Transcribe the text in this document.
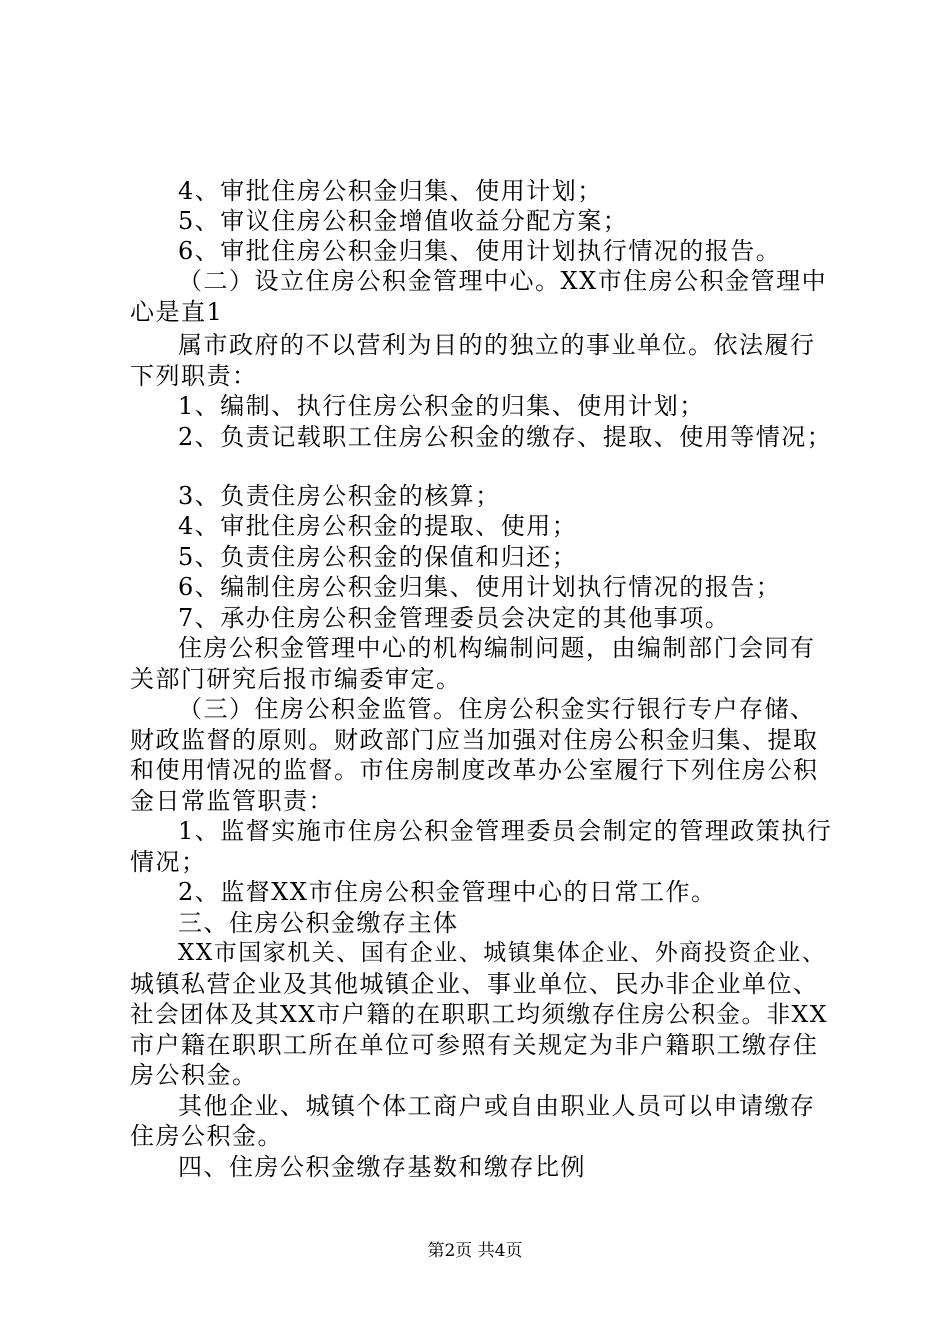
4、审批住房公积金归集、使用计划；
5、审议住房公积金增值收益分配方案；
6、审批住房公积金归集、使用计划执行情况的报告。
（二）设立住房公积金管理中心。XX市住房公积金管理中
心是直1
属市政府的不以营利为目的的独立的事业单位。依法履行
下列职责：
1、编制、执行住房公积金的归集、使用计划；
2、负责记载职工住房公积金的缴存、提取、使用等情况；
3、负责住房公积金的核算；
4、审批住房公积金的提取、使用；
5、负责住房公积金的保值和归还；
6、编制住房公积金归集、使用计划执行情况的报告；
7、承办住房公积金管理委员会决定的其他事项。
住房公积金管理中心的机构编制问题，由编制部门会同有
关部门研究后报市编委审定。
（三）住房公积金监管。住房公积金实行银行专户存储、
财政监督的原则。财政部门应当加强对住房公积金归集、提取
和使用情况的监督。市住房制度改革办公室履行下列住房公积
金日常监管职责：
1、监督实施市住房公积金管理委员会制定的管理政策执行
情况；
2、监督XX市住房公积金管理中心的日常工作。
三、住房公积金缴存主体
XX市国家机关、国有企业、城镇集体企业、外商投资企业、
城镇私营企业及其他城镇企业、事业单位、民办非企业单位、
社会团体及其XX市户籍的在职职工均须缴存住房公积金。非XX
市户籍在职职工所在单位可参照有关规定为非户籍职工缴存住
房公积金。
其他企业、城镇个体工商户或自由职业人员可以申请缴存
住房公积金。
四、住房公积金缴存基数和缴存比例
第2页 共4页
